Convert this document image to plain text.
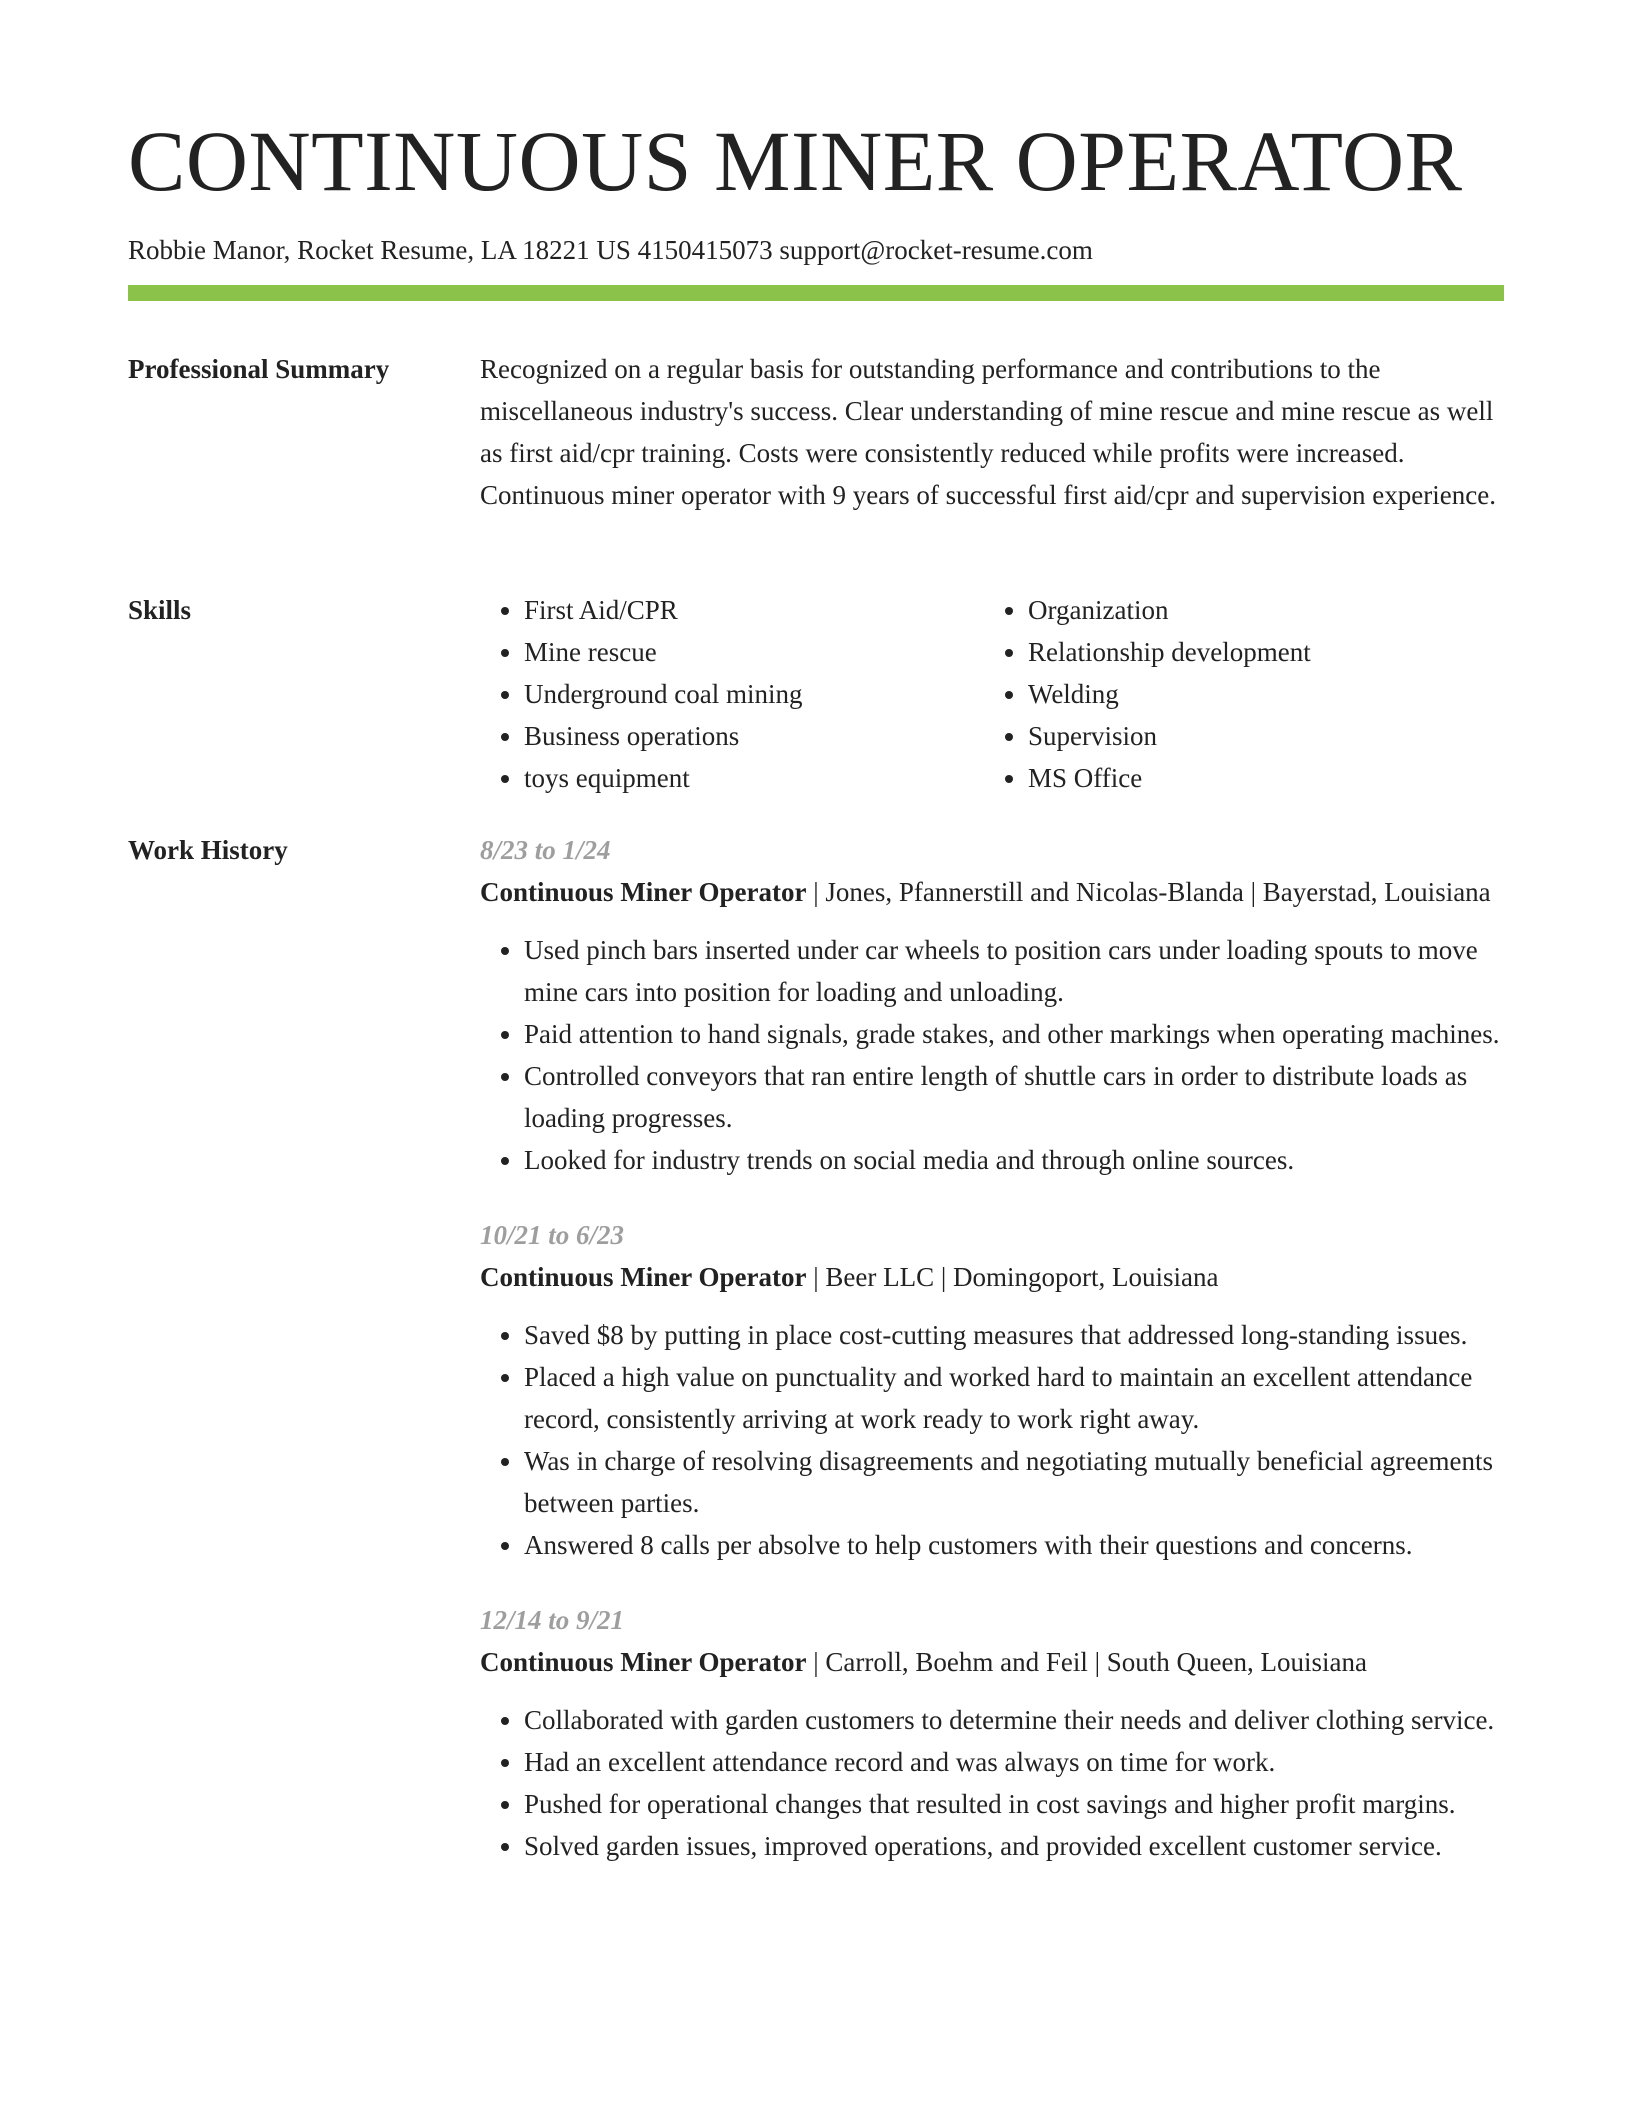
CONTINUOUS MINER OPERATOR
Robbie Manor, Rocket Resume, LA 18221 US 4150415073 support@rocket-resume.com
Professional Summary	Recognized on a regular basis for outstanding performance and contributions to the miscellaneous industry's success. Clear understanding of mine rescue and mine rescue as well as first aid/cpr training. Costs were consistently reduced while profits were increased. Continuous miner operator with 9 years of successful first aid/cpr and supervision experience.

Skills
•	First Aid/CPR
• Mine rescue
• Underground coal mining
• Business operations
• toys equipment
• Organization
• Relationship development
• Welding
• Supervision
• MS Office
Work History	8/23 to 1/24
Continuous Miner Operator | Jones, Pfannerstill and Nicolas-Blanda | Bayerstad, Louisiana
• Used pinch bars inserted under car wheels to position cars under loading spouts to move mine cars into position for loading and unloading.
• Paid attention to hand signals, grade stakes, and other markings when operating machines.
• Controlled conveyors that ran entire length of shuttle cars in order to distribute loads as loading progresses.
• Looked for industry trends on social media and through online sources.
10/21 to 6/23
Continuous Miner Operator | Beer LLC | Domingoport, Louisiana
• Saved $8 by putting in place cost-cutting measures that addressed long-standing issues.
• Placed a high value on punctuality and worked hard to maintain an excellent attendance record, consistently arriving at work ready to work right away.
• Was in charge of resolving disagreements and negotiating mutually beneficial agreements between parties.
• Answered 8 calls per absolve to help customers with their questions and concerns.
12/14 to 9/21
Continuous Miner Operator | Carroll, Boehm and Feil | South Queen, Louisiana
• Collaborated with garden customers to determine their needs and deliver clothing service.
• Had an excellent attendance record and was always on time for work.
• Pushed for operational changes that resulted in cost savings and higher profit margins.
• Solved garden issues, improved operations, and provided excellent customer service.
